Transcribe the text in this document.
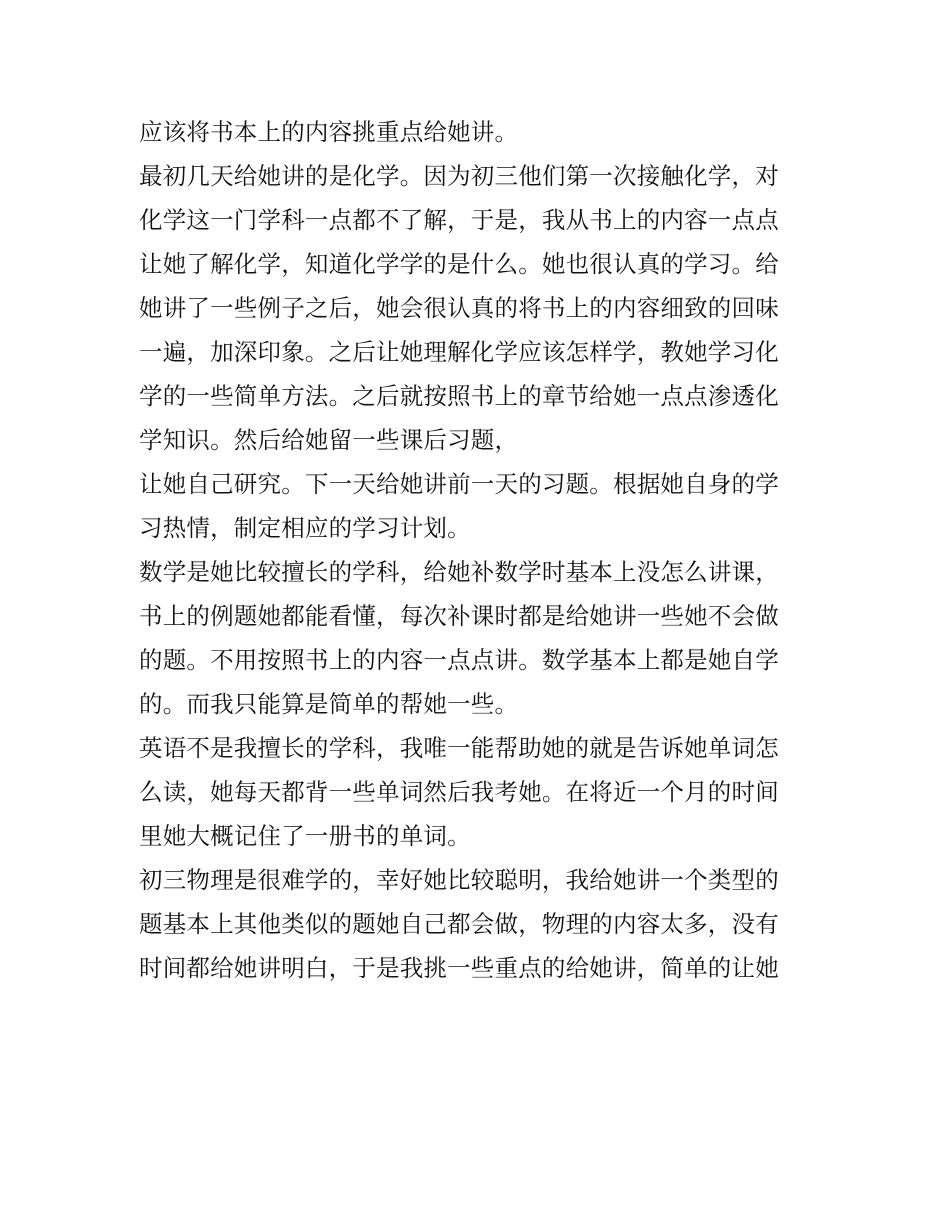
应该将书本上的内容挑重点给她讲。
最初几天给她讲的是化学。因为初三他们第一次接触化学，对
化学这一门学科一点都不了解，于是，我从书上的内容一点点
让她了解化学，知道化学学的是什么。她也很认真的学习。给
她讲了一些例子之后，她会很认真的将书上的内容细致的回味
一遍，加深印象。之后让她理解化学应该怎样学，教她学习化
学的一些简单方法。之后就按照书上的章节给她一点点渗透化
学知识。然后给她留一些课后习题，
让她自己研究。下一天给她讲前一天的习题。根据她自身的学
习热情，制定相应的学习计划。
数学是她比较擅长的学科，给她补数学时基本上没怎么讲课，
书上的例题她都能看懂，每次补课时都是给她讲一些她不会做
的题。不用按照书上的内容一点点讲。数学基本上都是她自学
的。而我只能算是简单的帮她一些。
英语不是我擅长的学科，我唯一能帮助她的就是告诉她单词怎
么读，她每天都背一些单词然后我考她。在将近一个月的时间
里她大概记住了一册书的单词。
初三物理是很难学的，幸好她比较聪明，我给她讲一个类型的
题基本上其他类似的题她自己都会做，物理的内容太多，没有
时间都给她讲明白，于是我挑一些重点的给她讲，简单的让她
